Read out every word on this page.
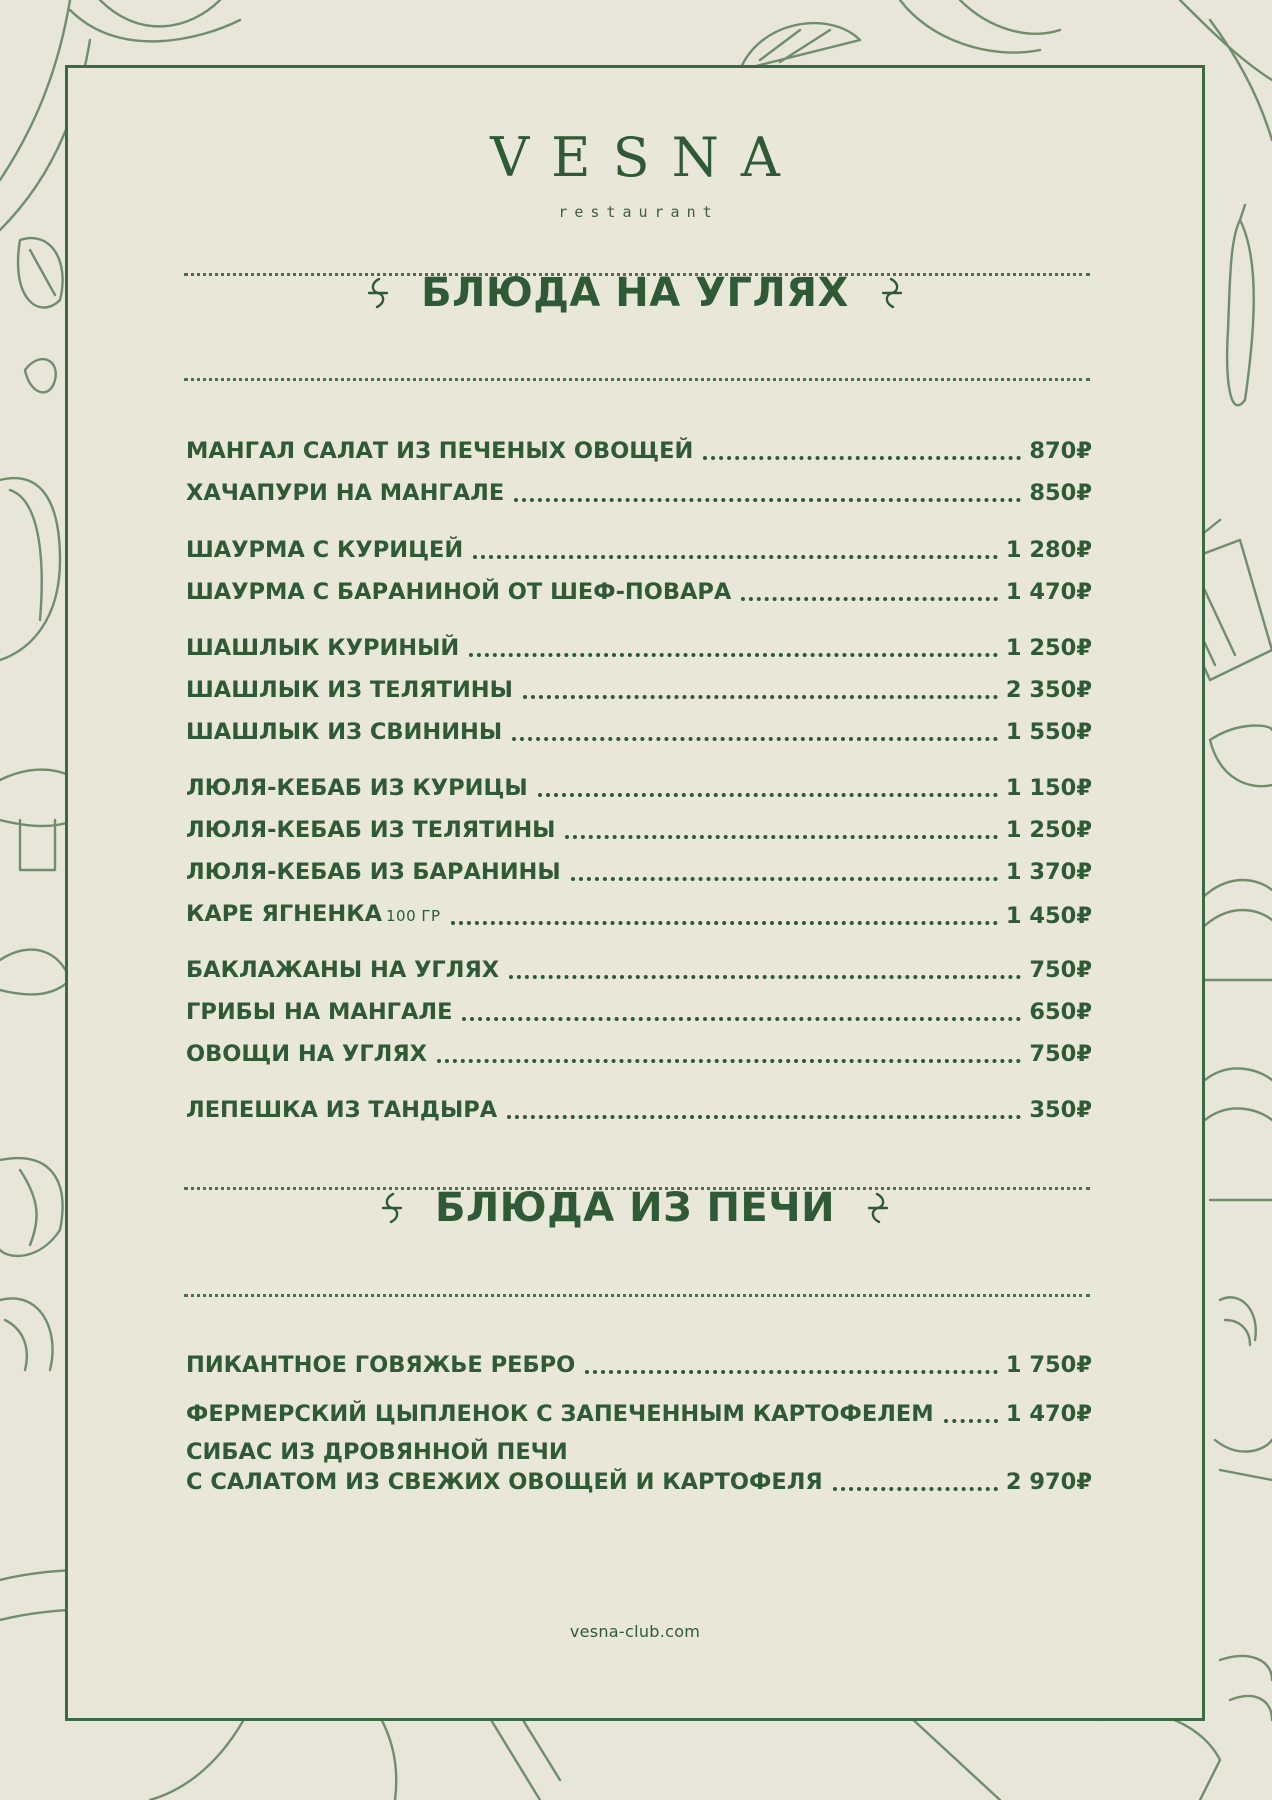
VESNA
restaurant
БЛЮДА НА УГЛЯХ
МАНГАЛ САЛАТ ИЗ ПЕЧЕНЫХ ОВОЩЕЙ	870₽
ХАЧАПУРИ НА МАНГАЛЕ	850₽
ШАУРМА С КУРИЦЕЙ	1 280₽
ШАУРМА С БАРАНИНОЙ ОТ ШЕФ-ПОВАРА	1 470₽
ШАШЛЫК КУРИНЫЙ	1 250₽
ШАШЛЫК ИЗ ТЕЛЯТИНЫ	2 350₽
ШАШЛЫК ИЗ СВИНИНЫ	1 550₽
ЛЮЛЯ-КЕБАБ ИЗ КУРИЦЫ	1 150₽
ЛЮЛЯ-КЕБАБ ИЗ ТЕЛЯТИНЫ	1 250₽
ЛЮЛЯ-КЕБАБ ИЗ БАРАНИНЫ	1 370₽
КАРЕ ЯГНЕНКА 100 ГР	1 450₽
БАКЛАЖАНЫ НА УГЛЯХ	750₽
ГРИБЫ НА МАНГАЛЕ	650₽
ОВОЩИ НА УГЛЯХ	750₽
ЛЕПЕШКА ИЗ ТАНДЫРА	350₽
БЛЮДА ИЗ ПЕЧИ
ПИКАНТНОЕ ГОВЯЖЬЕ РЕБРО	1 750₽
ФЕРМЕРСКИЙ ЦЫПЛЕНОК С ЗАПЕЧЕННЫМ КАРТОФЕЛЕМ	1 470₽
СИБАС ИЗ ДРОВЯННОЙ ПЕЧИ
С САЛАТОМ ИЗ СВЕЖИХ ОВОЩЕЙ И КАРТОФЕЛЯ	2 970₽
vesna-club.com
